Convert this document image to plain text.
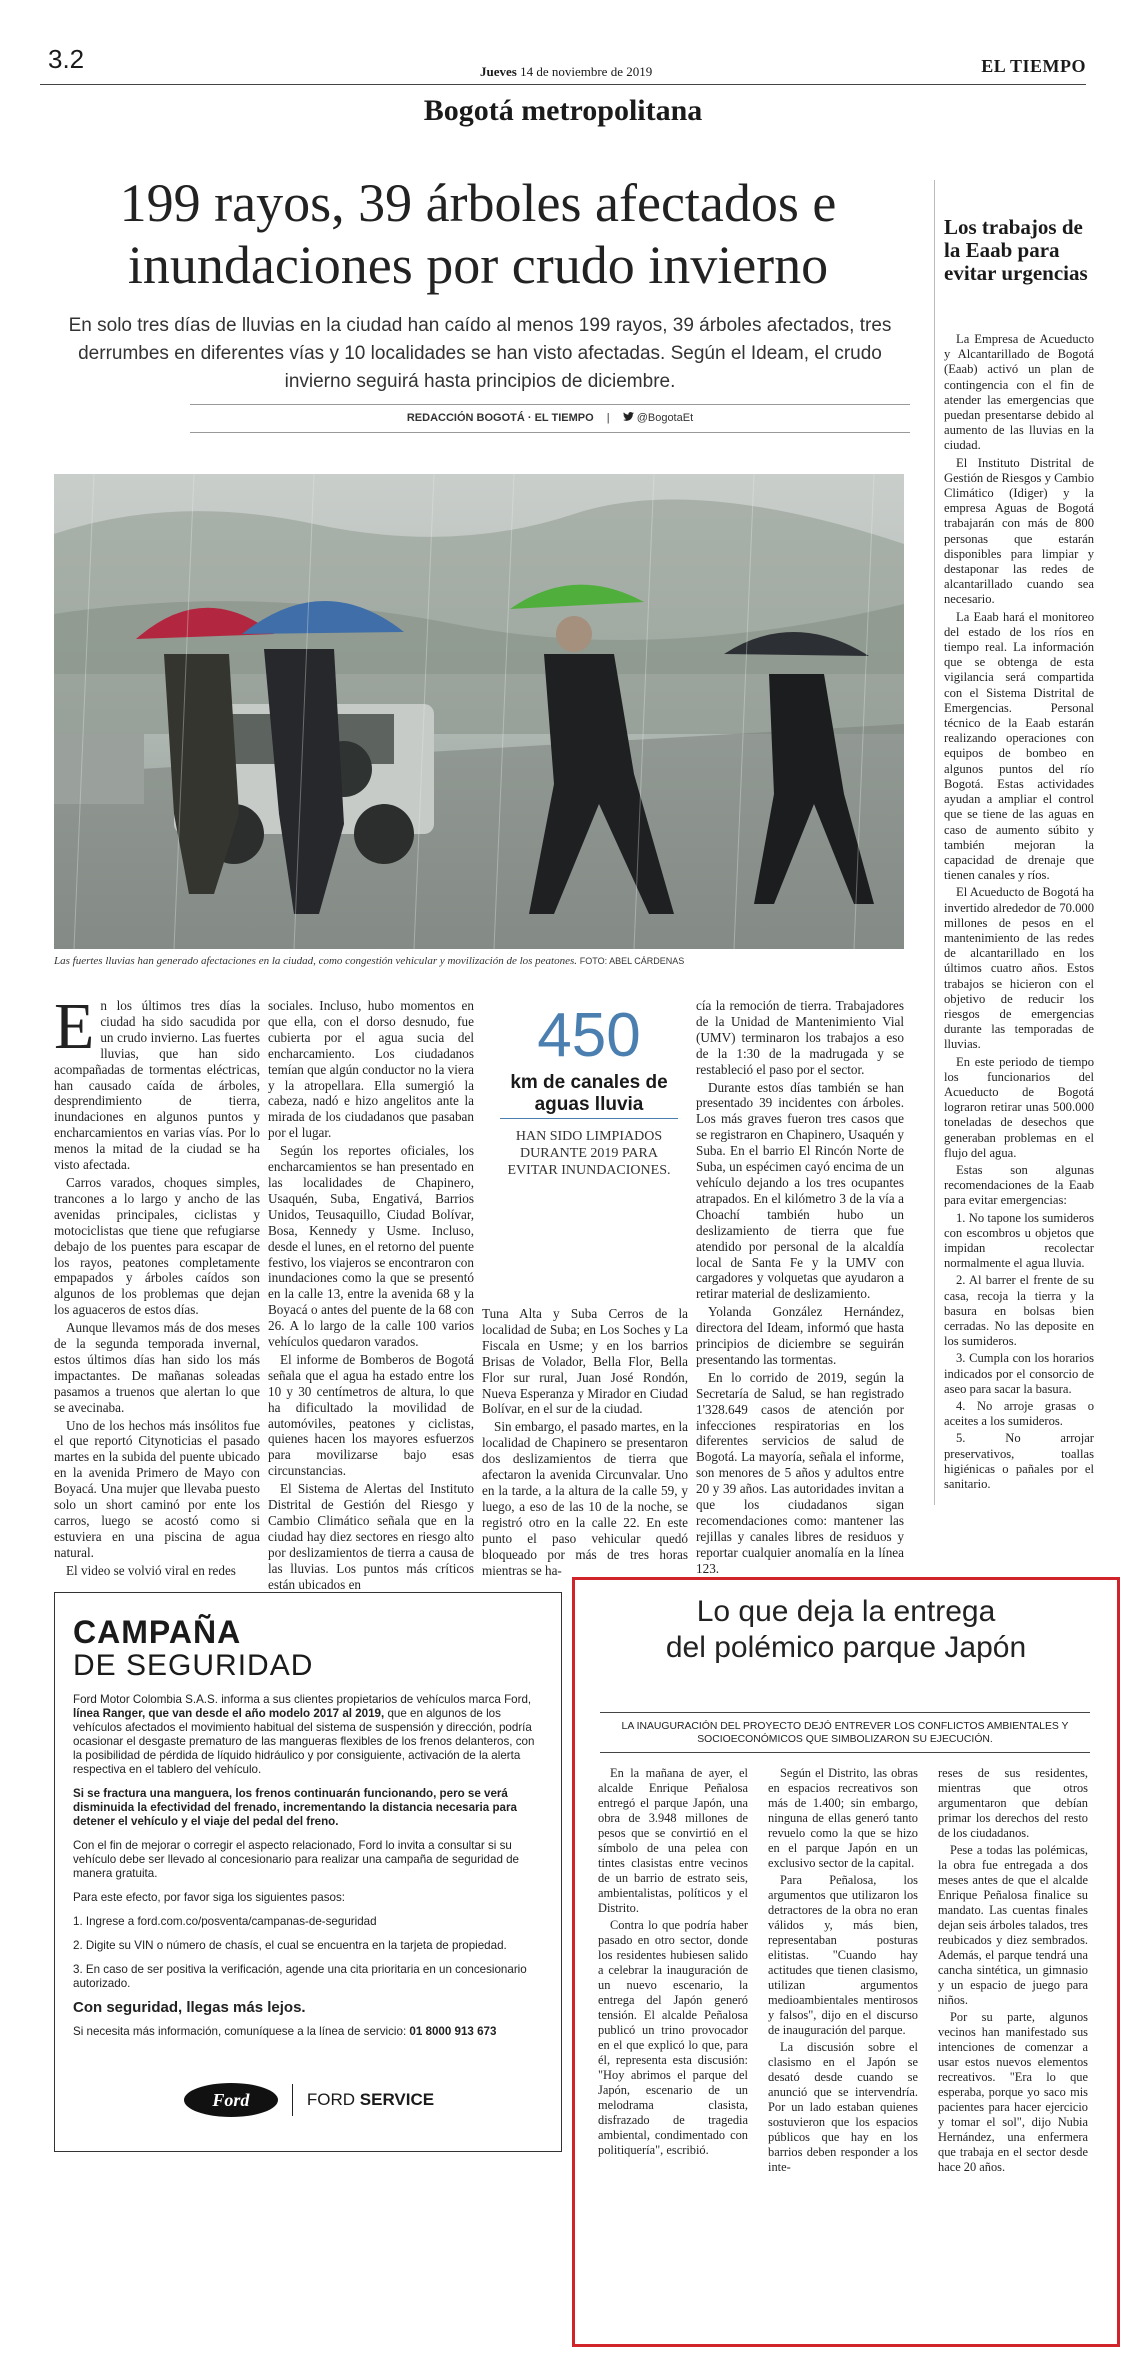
3.2	Jueves 14 de noviembre de 2019	EL TIEMPO
Bogotá metropolitana
199 rayos, 39 árboles afectados e
inundaciones por crudo invierno
En solo tres días de lluvias en la ciudad han caído al menos 199 rayos, 39 árboles afectados, tres derrumbes en diferentes vías y 10 localidades se han visto afectadas. Según el Ideam, el crudo invierno seguirá hasta principios de diciembre.
REDACCIÓN BOGOTÁ · EL TIEMPO | @BogotaEt
Las fuertes lluvias han generado afectaciones en la ciudad, como congestión vehicular y movilización de los peatones. FOTO: ABEL CÁRDENAS

En los últimos tres días la ciudad ha sido sacudida por un crudo invierno. Las fuertes lluvias, que han sido acompañadas de tormentas eléctricas, han causado caída de árboles, desprendimiento de tierra, inundaciones en algunos puntos y encharcamientos en varias vías. Por lo menos la mitad de la ciudad se ha visto afectada.

Carros varados, choques simples, trancones a lo largo y ancho de las avenidas principales, ciclistas y motociclistas que tiene que refugiarse debajo de los puentes para escapar de los rayos, peatones completamente empapados y árboles caídos son algunos de los problemas que dejan los aguaceros de estos días.

Aunque llevamos más de dos meses de la segunda temporada invernal, estos últimos días han sido los más impactantes. De mañanas soleadas pasamos a truenos que alertan lo que se avecinaba.

Uno de los hechos más insólitos fue el que reportó Citynoticias el pasado martes en la subida del puente ubicado en la avenida Primero de Mayo con Boyacá. Una mujer que llevaba puesto solo un short caminó por ente los carros, luego se acostó como si estuviera en una piscina de agua natural.

El video se volvió viral en redes

sociales. Incluso, hubo momentos en que ella, con el dorso desnudo, fue cubierta por el agua sucia del encharcamiento. Los ciudadanos temían que algún conductor no la viera y la atropellara. Ella sumergió la cabeza, nadó e hizo angelitos ante la mirada de los ciudadanos que pasaban por el lugar.

Según los reportes oficiales, los encharcamientos se han presentado en las localidades de Chapinero, Usaquén, Suba, Engativá, Barrios Unidos, Teusaquillo, Ciudad Bolívar, Bosa, Kennedy y Usme. Incluso, desde el lunes, en el retorno del puente festivo, los viajeros se encontraron con inundaciones como la que se presentó en la calle 13, entre la avenida 68 y la Boyacá o antes del puente de la 68 con 26. A lo largo de la calle 100 varios vehículos quedaron varados.

El informe de Bomberos de Bogotá señala que el agua ha estado entre los 10 y 30 centímetros de altura, lo que ha dificultado la movilidad de automóviles, peatones y ciclistas, quienes hacen los mayores esfuerzos para movilizarse bajo esas circunstancias.

El Sistema de Alertas del Instituto Distrital de Gestión del Riesgo y Cambio Climático señala que en la ciudad hay diez sectores en riesgo alto por deslizamientos de tierra a causa de las lluvias. Los puntos más críticos están ubicados en

450
km de canales de aguas lluvia
HAN SIDO LIMPIADOS DURANTE 2019 PARA EVITAR INUNDACIONES.

Tuna Alta y Suba Cerros de la localidad de Suba; en Los Soches y La Fiscala en Usme; y en los barrios Brisas de Volador, Bella Flor, Bella Flor sur rural, Juan José Rondón, Nueva Esperanza y Mirador en Ciudad Bolívar, en el sur de la ciudad.

Sin embargo, el pasado martes, en la localidad de Chapinero se presentaron dos deslizamientos de tierra que afectaron la avenida Circunvalar. Uno en la tarde, a la altura de la calle 59, y luego, a eso de las 10 de la noche, se registró otro en la calle 22. En este punto el paso vehicular quedó bloqueado por más de tres horas mientras se ha-

cía la remoción de tierra. Trabajadores de la Unidad de Mantenimiento Vial (UMV) terminaron los trabajos a eso de la 1:30 de la madrugada y se restableció el paso por el sector.

Durante estos días también se han presentado 39 incidentes con árboles. Los más graves fueron tres casos que se registraron en Chapinero, Usaquén y Suba. En el barrio El Rincón Norte de Suba, un espécimen cayó encima de un vehículo dejando a los tres ocupantes atrapados. En el kilómetro 3 de la vía a Choachí también hubo un deslizamiento de tierra que fue atendido por personal de la alcaldía local de Santa Fe y la UMV con cargadores y volquetas que ayudaron a retirar material de deslizamiento.

Yolanda González Hernández, directora del Ideam, informó que hasta principios de diciembre se seguirán presentando las tormentas.

En lo corrido de 2019, según la Secretaría de Salud, se han registrado 1'328.649 casos de atención por infecciones respiratorias en los diferentes servicios de salud de Bogotá. La mayoría, señala el informe, son menores de 5 años y adultos entre 20 y 39 años. Las autoridades invitan a que los ciudadanos sigan recomendaciones como: mantener las rejillas y canales libres de residuos y reportar cualquier anomalía en la línea 123.

Los trabajos de la Eaab para evitar urgencias

La Empresa de Acueducto y Alcantarillado de Bogotá (Eaab) activó un plan de contingencia con el fin de atender las emergencias que puedan presentarse debido al aumento de las lluvias en la ciudad.

El Instituto Distrital de Gestión de Riesgos y Cambio Climático (Idiger) y la empresa Aguas de Bogotá trabajarán con más de 800 personas que estarán disponibles para limpiar y destaponar las redes de alcantarillado cuando sea necesario.

La Eaab hará el monitoreo del estado de los ríos en tiempo real. La información que se obtenga de esta vigilancia será compartida con el Sistema Distrital de Emergencias. Personal técnico de la Eaab estarán realizando operaciones con equipos de bombeo en algunos puntos del río Bogotá. Estas actividades ayudan a ampliar el control que se tiene de las aguas en caso de aumento súbito y también mejoran la capacidad de drenaje que tienen canales y ríos.

El Acueducto de Bogotá ha invertido alrededor de 70.000 millones de pesos en el mantenimiento de las redes de alcantarillado en los últimos cuatro años. Estos trabajos se hicieron con el objetivo de reducir los riesgos de emergencias durante las temporadas de lluvias.

En este periodo de tiempo los funcionarios del Acueducto de Bogotá lograron retirar unas 500.000 toneladas de desechos que generaban problemas en el flujo del agua.

Estas son algunas recomendaciones de la Eaab para evitar emergencias:

1. No tapone los sumideros con escombros u objetos que impidan recolectar normalmente el agua lluvia.

2. Al barrer el frente de su casa, recoja la tierra y la basura en bolsas bien cerradas. No las deposite en los sumideros.

3. Cumpla con los horarios indicados por el consorcio de aseo para sacar la basura.

4. No arroje grasas o aceites a los sumideros.

5. No arrojar preservativos, toallas higiénicas o pañales por el sanitario.

CAMPAÑA
DE SEGURIDAD

Ford Motor Colombia S.A.S. informa a sus clientes propietarios de vehículos marca Ford, línea Ranger, que van desde el año modelo 2017 al 2019, que en algunos de los vehículos afectados el movimiento habitual del sistema de suspensión y dirección, podría ocasionar el desgaste prematuro de las mangueras flexibles de los frenos delanteros, con la posibilidad de pérdida de líquido hidráulico y por consiguiente, activación de la alerta respectiva en el tablero del vehículo.

Si se fractura una manguera, los frenos continuarán funcionando, pero se verá disminuida la efectividad del frenado, incrementando la distancia necesaria para detener el vehículo y el viaje del pedal del freno.

Con el fin de mejorar o corregir el aspecto relacionado, Ford lo invita a consultar si su vehículo debe ser llevado al concesionario para realizar una campaña de seguridad de manera gratuita.

Para este efecto, por favor siga los siguientes pasos:

1. Ingrese a ford.com.co/posventa/campanas-de-seguridad

2. Digite su VIN o número de chasís, el cual se encuentra en la tarjeta de propiedad.

3. En caso de ser positiva la verificación, agende una cita prioritaria en un concesionario autorizado.

Con seguridad, llegas más lejos.

Si necesita más información, comuníquese a la línea de servicio: 01 8000 913 673

Ford	FORD SERVICE
Lo que deja la entrega
del polémico parque Japón
LA INAUGURACIÓN DEL PROYECTO DEJÓ ENTREVER LOS CONFLICTOS AMBIENTALES Y SOCIOECONÓMICOS QUE SIMBOLIZARON SU EJECUCIÓN.

En la mañana de ayer, el alcalde Enrique Peñalosa entregó el parque Japón, una obra de 3.948 millones de pesos que se convirtió en el símbolo de una pelea con tintes clasistas entre vecinos de un barrio de estrato seis, ambientalistas, políticos y el Distrito.

Contra lo que podría haber pasado en otro sector, donde los residentes hubiesen salido a celebrar la inauguración de un nuevo escenario, la entrega del Japón generó tensión. El alcalde Peñalosa publicó un trino provocador en el que explicó lo que, para él, representa esta discusión: "Hoy abrimos el parque del Japón, escenario de un melodrama clasista, disfrazado de tragedia ambiental, condimentado con politiquería", escribió.

Según el Distrito, las obras en espacios recreativos son más de 1.400; sin embargo, ninguna de ellas generó tanto revuelo como la que se hizo en el parque Japón en un exclusivo sector de la capital.

Para Peñalosa, los argumentos que utilizaron los detractores de la obra no eran válidos y, más bien, representaban posturas elitistas. "Cuando hay actitudes que tienen clasismo, utilizan argumentos medioambientales mentirosos y falsos", dijo en el discurso de inauguración del parque.

La discusión sobre el clasismo en el Japón se desató desde cuando se anunció que se intervendría. Por un lado estaban quienes sostuvieron que los espacios públicos que hay en los barrios deben responder a los inte-

reses de sus residentes, mientras que otros argumentaron que debían primar los derechos del resto de los ciudadanos.

Pese a todas las polémicas, la obra fue entregada a dos meses antes de que el alcalde Enrique Peñalosa finalice su mandato. Las cuentas finales dejan seis árboles talados, tres reubicados y diez sembrados. Además, el parque tendrá una cancha sintética, un gimnasio y un espacio de juego para niños.

Por su parte, algunos vecinos han manifestado sus intenciones de comenzar a usar estos nuevos elementos recreativos. "Era lo que esperaba, porque yo saco mis pacientes para hacer ejercicio y tomar el sol", dijo Nubia Hernández, una enfermera que trabaja en el sector desde hace 20 años.
